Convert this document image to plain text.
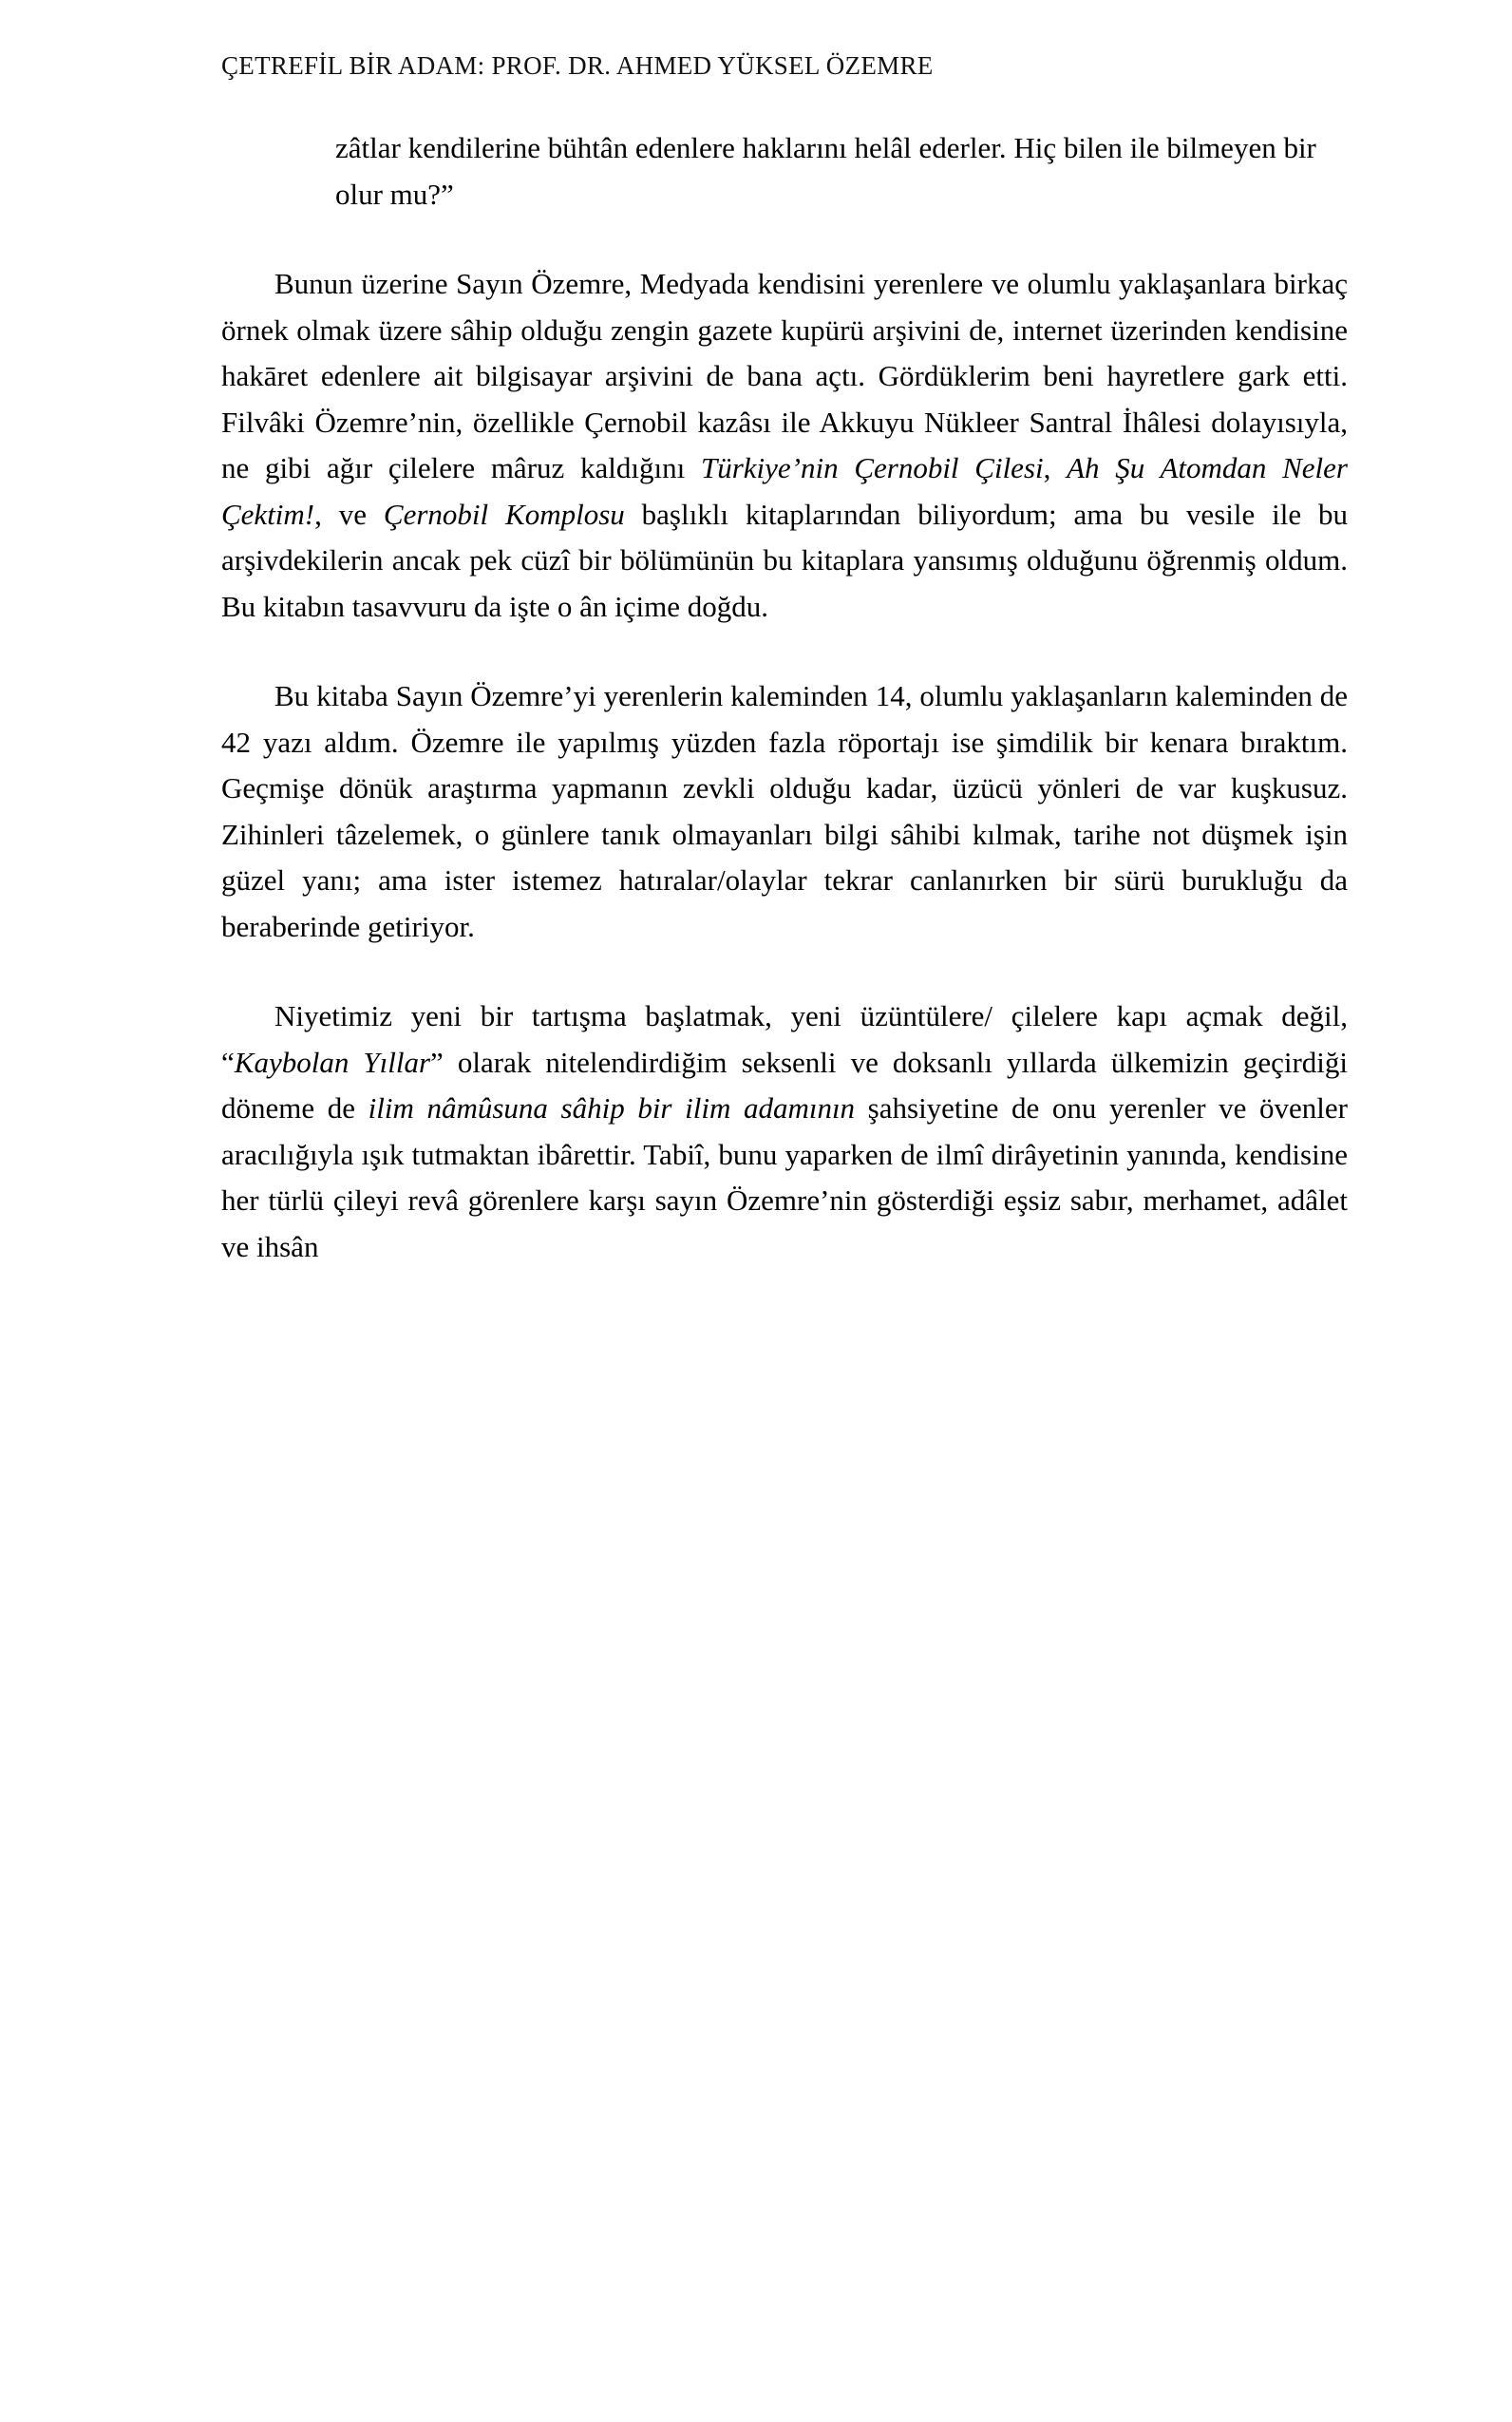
ÇETREFİL BİR ADAM: PROF. DR. AHMED YÜKSEL ÖZEMRE

zâtlar kendilerine bühtân edenlere haklarını helâl ederler. Hiç bilen ile bilmeyen bir olur mu?”

Bunun üzerine Sayın Özemre, Medyada kendisini yerenlere ve olumlu yaklaşanlara birkaç örnek olmak üzere sâhip olduğu zengin gazete kupürü arşivini de, internet üzerinden kendisine hakāret edenlere ait bilgisayar arşivini de bana açtı. Gördüklerim beni hayretlere gark etti. Filvâki Özemre’nin, özellikle Çernobil kazâsı ile Akkuyu Nükleer Santral İhâlesi dolayısıyla, ne gibi ağır çilelere mâruz kaldığını Türkiye’nin Çernobil Çilesi, Ah Şu Atomdan Neler Çektim!, ve Çernobil Komplosu başlıklı kitaplarından biliyordum; ama bu vesile ile bu arşivdekilerin ancak pek cüzî bir bölümünün bu kitaplara yansımış olduğunu öğrenmiş oldum. Bu kitabın tasavvuru da işte o ân içime doğdu.

Bu kitaba Sayın Özemre’yi yerenlerin kaleminden 14, olumlu yaklaşanların kaleminden de 42 yazı aldım. Özemre ile yapılmış yüzden fazla röportajı ise şimdilik bir kenara bıraktım. Geçmişe dönük araştırma yapmanın zevkli olduğu kadar, üzücü yönleri de var kuşkusuz. Zihinleri tâzelemek, o günlere tanık olmayanları bilgi sâhibi kılmak, tarihe not düşmek işin güzel yanı; ama ister istemez hatıralar/olaylar tekrar canlanırken bir sürü burukluğu da beraberinde getiriyor.

Niyetimiz yeni bir tartışma başlatmak, yeni üzüntülere/ çilelere kapı açmak değil, “Kaybolan Yıllar” olarak nitelendirdiğim seksenli ve doksanlı yıllarda ülkemizin geçirdiği döneme de ilim nâmûsuna sâhip bir ilim adamının şahsiyetine de onu yerenler ve övenler aracılığıyla ışık tutmaktan ibârettir. Tabiî, bunu yaparken de ilmî dirâyetinin yanında, kendisine her türlü çileyi revâ görenlere karşı sayın Özemre’nin gösterdiği eşsiz sabır, merhamet, adâlet ve ihsân
